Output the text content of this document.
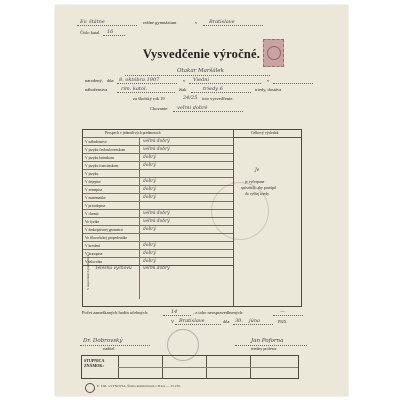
Ev. štátne	reálne gymnázium	v Bratislave
Číslo katal. 16
Vysvedčenie výročné.
Otakar Maršálek
narodený, dňa 8. októbra 1907	v Viedni	v
náboženstva	rím. katol.	žiak	triedy 6	triedy, dostáva
za školský rok 19	24/25 toto vysvedčenie.
Chovanie: veľmi dobré
Prospech v jednotlivých predmetoch	Celkový výsledok
V náboženstve	veľmi dobrý
V jazyku československom	veľmi dobrý
V jazyku latinskom	dobrý
V jazyku francúzskom	dobrý
V jazyku
V dejepise	dobrý
V zemepise	dobrý
V matematike	dobrý
V prírodopise
V chemii	veľmi dobrý
Vo fyzike	veľmi dobrý
V deskriptívnej geometrii	dobrý
Vo filozofickej propedeutike
V kreslení	dobrý
V krasopise	dobrý
V telocviku	dobrý
Telesnú výchovu	veľmi dobrý
V nepovinných predmetoch
Je
je vyčerpane
spôsobilý, aby postúpil
do vyššej triedy.
Počet zameškaných hodín učebných:	14	, z toho neospravedlnených:	—
V Bratislave	dňa 30. júna	1925.
Dr. Dobrovský
riaditeľ
Jan Poforna
triedny profesor
STUPNICA
ZNÁMOK:
E. TOL a SYNOVIA, Štátna kníhtlačiareň v Praze — 35-230.
